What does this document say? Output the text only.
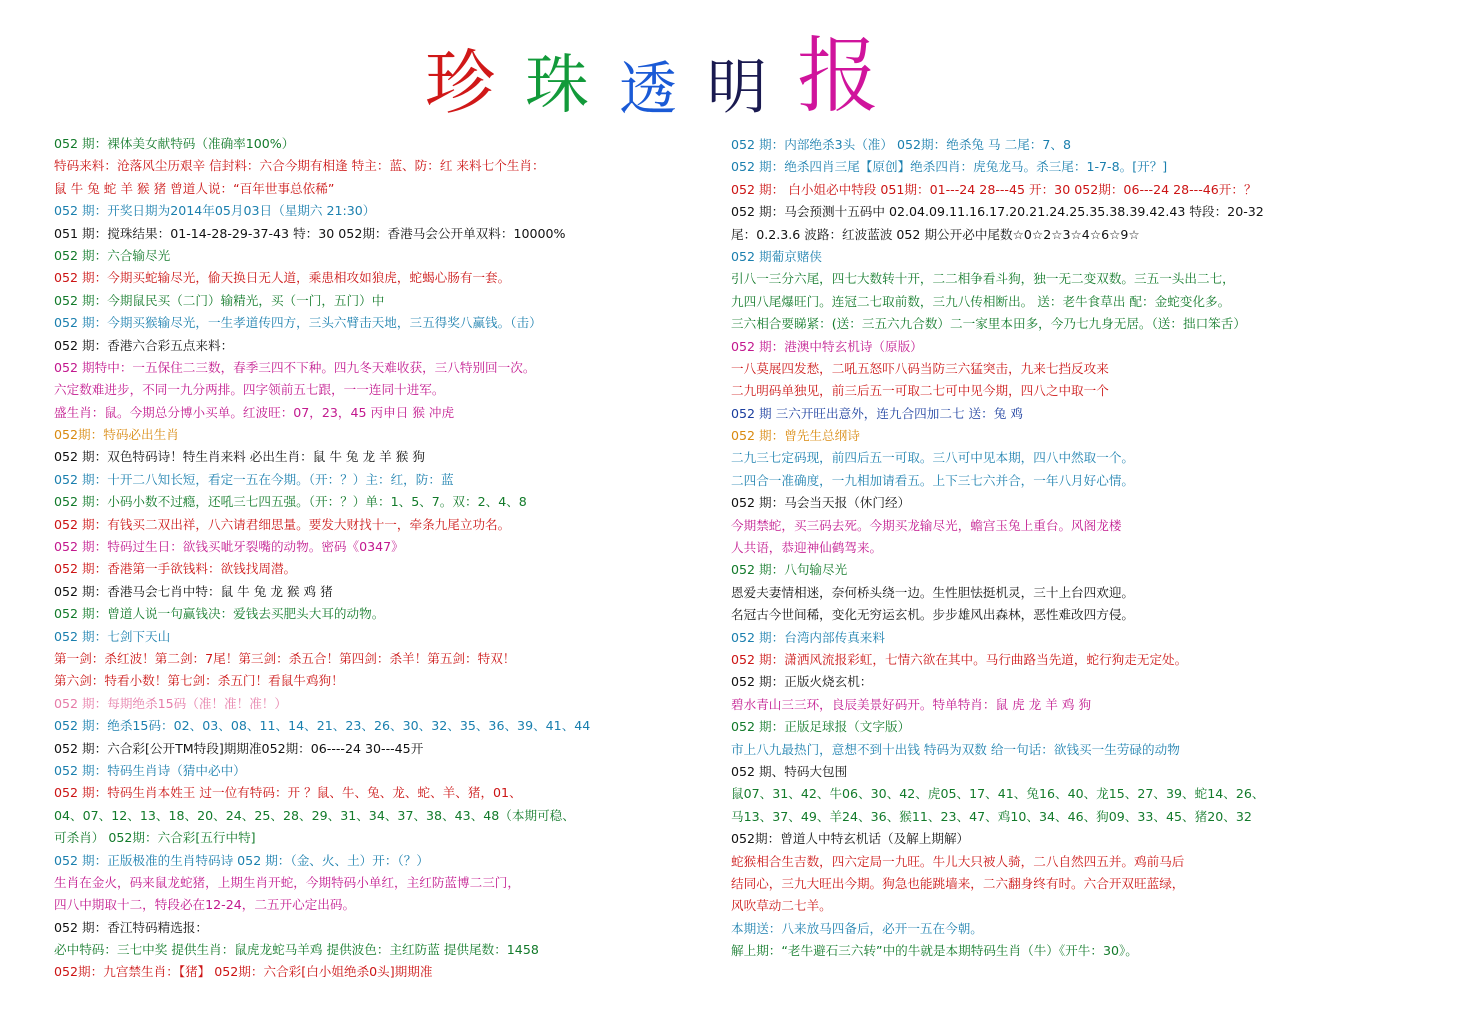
珍 珠 透 明 报
052 期：裸体美女献特码（准确率100%）
特码来料：沧落风尘历艰辛 信封料：六合今期有相逢 特主：蓝、防：红 来料七个生肖：
鼠 牛 兔 蛇 羊 猴 猪 曾道人说：“百年世事总依稀”
052 期：开奖日期为2014年05月03日（星期六 21:30）
051 期：搅珠结果：01-14-28-29-37-43 特：30 052期：香港马会公开单双料：10000%
052 期：六合输尽光
052 期：今期买蛇输尽光，偷天换日无人道，乘患相攻如狼虎，蛇蝎心肠有一套。
052 期：今期鼠民买（二门）输精光，买（一门，五门）中
052 期：今期买猴输尽光，一生孝道传四方，三头六臂击天地，三五得奖八赢钱。（击）
052 期：香港六合彩五点来料：
052 期特中：一五保住二三数，春季三四不下种。四九冬天难收获，三八特别回一次。
六定数难进步，不同一九分两排。四字领前五七跟，一一连同十进军。
盛生肖：鼠。今期总分博小买单。红波旺：07，23，45 丙申日 猴 冲虎
052期：特码必出生肖
052 期：双色特码诗！特生肖来料 必出生肖：鼠 牛 兔 龙 羊 猴 狗
052 期：十开二八知长短，看定一五在今期。（开：？）主：红，防：蓝
052 期：小码小数不过瘾，还吼三七四五强。（开：？）单：1、5、7。双：2、4、8
052 期：有钱买二双出祥，八六请君细思量。要发大财找十一，牵条九尾立功名。
052 期：特码过生日：欲钱买呲牙裂嘴的动物。密码《0347》
052 期：香港第一手欲钱料：欲钱找周潜。
052 期：香港马会七肖中特：鼠 牛 兔 龙 猴 鸡 猪
052 期：曾道人说一句赢钱决：爱钱去买肥头大耳的动物。
052 期：七剑下天山
第一剑：杀红波！第二剑：7尾！第三剑：杀五合！第四剑：杀羊！第五剑：特双！
第六剑：特看小数！第七剑：杀五门！看鼠牛鸡狗！
052 期：每期绝杀15码（准！准！准！）
052 期：绝杀15码：02、03、08、11、14、21、23、26、30、32、35、36、39、41、44
052 期：六合彩[公开TM特段]期期准052期：06----24 30---45开
052 期：特码生肖诗（猜中必中）
052 期：特码生肖本姓王 过一位有特码：开 ？鼠、牛、兔、龙、蛇、羊、猪，01、
04、07、12、13、18、20、24、25、28、29、31、34、37、38、43、48（本期可稳、
可杀肖） 052期：六合彩[五行中特]
052 期：正版极准的生肖特码诗 052 期：（金、火、土）开：（？）
生肖在金火，码来鼠龙蛇猪，上期生肖开蛇，今期特码小单红，主红防蓝博二三门，
四八中期取十二，特段必在12-24，二五开心定出码。
052 期：香江特码精选报：
必中特码：三七中奖 提供生肖：鼠虎龙蛇马羊鸡 提供波色：主红防蓝 提供尾数：1458
052期：九宫禁生肖：【猪】 052期：六合彩[白小姐绝杀0头]期期准
052 期：内部绝杀3头（准） 052期：绝杀兔 马 二尾：7、8
052 期：绝杀四肖三尾【原创】绝杀四肖：虎兔龙马。杀三尾：1-7-8。[开？]
052 期： 白小姐必中特段 051期：01---24 28---45 开：30 052期：06---24 28---46开：？
052 期：马会预测十五码中 02.04.09.11.16.17.20.21.24.25.35.38.39.42.43 特段：20-32
尾：0.2.3.6 波路：红波蓝波 052 期公开必中尾数☆0☆2☆3☆4☆6☆9☆
052 期葡京赌侠
引八一三分六尾，四七大数转十开，二二相争看斗狗，独一无二变双数。三五一头出二七，
九四八尾爆旺门。连冠二七取前数，三九八传相断出。 送：老牛食草出 配：金蛇变化多。
三六相合要睇紧：(送：三五六九合数）二一家里本田多，今乃七九身无居。（送：拙口笨舌）
052 期：港澳中特玄机诗（原版）
一八莫展四发愁，二吼五怒吓八码当防三六猛突击，九来七挡反攻来
二九明码单独见，前三后五一可取二七可中见今期，四八之中取一个
052 期 三六开旺出意外，连九合四加二七 送：兔 鸡
052 期：曾先生总纲诗
二九三七定码现，前四后五一可取。三八可中见本期，四八中然取一个。
二四合一准确度，一九相加请看五。上下三七六并合，一年八月好心情。
052 期：马会当天报（休门经）
今期禁蛇，买三码去死。今期买龙输尽光，蟾宫玉兔上重台。风阁龙楼
人共语，恭迎神仙鹤驾来。
052 期：八句输尽光
恩爱夫妻情相迷，奈何桥头绕一边。生性胆怯挺机灵，三十上台四欢迎。
名冠古今世间稀，变化无穷运玄机。步步雄风出森林，恶性难改四方侵。
052 期：台湾内部传真来料
052 期：潇洒风流报彩虹，七情六欲在其中。马行曲路当先道，蛇行狗走无定处。
052 期：正版火烧玄机：
碧水青山三三环，良辰美景好码开。特单特肖：鼠 虎 龙 羊 鸡 狗
052 期：正版足球报（文字版）
市上八九最热门，意想不到十出钱 特码为双数 给一句话：欲钱买一生劳碌的动物
052 期、特码大包围
鼠07、31、42、牛06、30、42、虎05、17、41、兔16、40、龙15、27、39、蛇14、26、
马13、37、49、羊24、36、猴11、23、47、鸡10、34、46、狗09、33、45、猪20、32
052期：曾道人中特玄机话（及解上期解）
蛇猴相合生吉数，四六定局一九旺。牛儿大只被人骑，二八自然四五并。鸡前马后
结同心，三九大旺出今期。狗急也能跳墙来，二六翻身终有时。六合开双旺蓝绿，
风吹草动二七羊。
本期送：八来放马四备后，必开一五在今朝。
解上期：“老牛避石三六转”中的牛就是本期特码生肖（牛）《开牛：30》。
